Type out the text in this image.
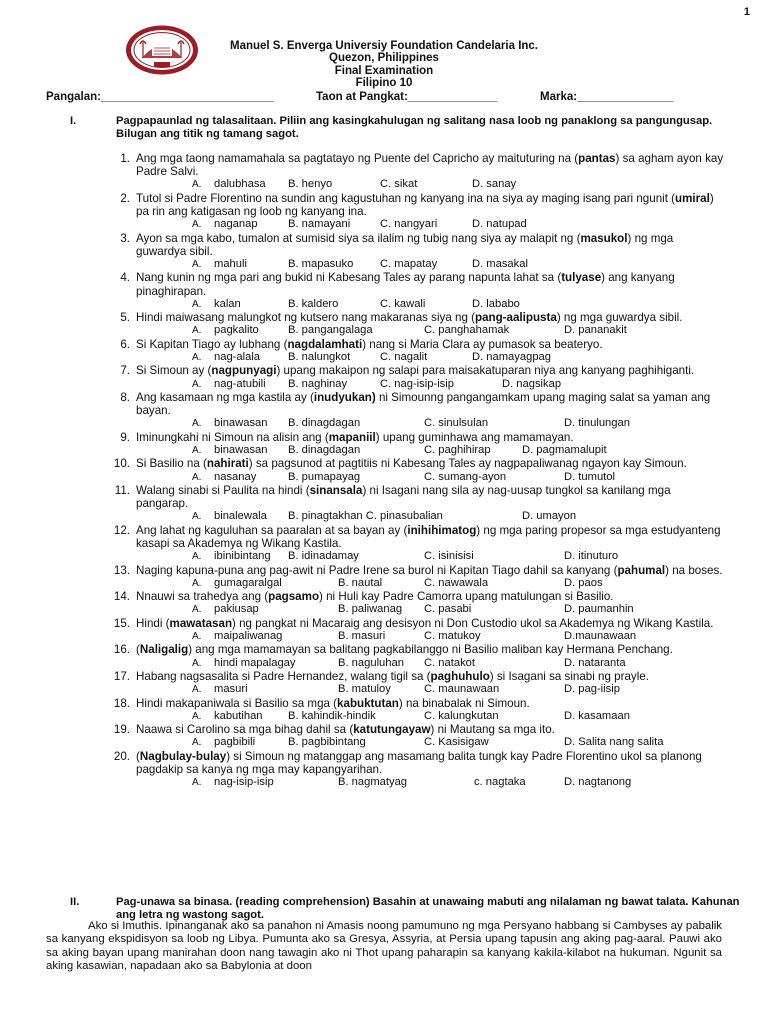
1
Manuel S. Enverga Universiy Foundation Candelaria Inc.
Quezon, Philippines
Final Examination
Filipino 10
Pangalan:___________________________	Taon at Pangkat:______________	Marka:_______________
I.	Pagpapaunlad ng talasalitaan. Piliin ang kasingkahulugan ng salitang nasa loob ng panaklong sa pangungusap. Bilugan ang titik ng tamang sagot.
1. Ang mga taong namamahala sa pagtatayo ng Puente del Capricho ay maituturing na (pantas) sa agham ayon kay Padre Salvi.
A. dalubhasa B. henyo	C. sikat	D. sanay
2. Tutol si Padre Florentino na sundin ang kagustuhan ng kanyang ina na siya ay maging isang pari ngunit (umiral) pa rin ang katigasan ng loob ng kanyang ina.
A. naganap	B. namayani	C. nangyari	D. natupad
3. Ayon sa mga kabo, tumalon at sumisid siya sa ilalim ng tubig nang siya ay malapit ng (masukol) ng mga guwardya sibil.
A. mahuli	B. mapasuko C. mapatay	D. masakal
4. Nang kunin ng mga pari ang bukid ni Kabesang Tales ay parang napunta lahat sa (tulyase) ang kanyang pinaghirapan.
A. kalan	B. kaldero	C. kawali	D. lababo
5. Hindi maiwasang malungkot ng kutsero nang makaranas siya ng (pang-aalipusta) ng mga guwardya sibil.
A. pagkalito	B. pangangalaga	C. panghahamak	D. pananakit
6. Si Kapitan Tiago ay lubhang (nagdalamhati) nang si Maria Clara ay pumasok sa beateryo.
A. nag-alala B. nalungkot	C. nagalit	D. namayagpag
7. Si Simoun ay (nagpunyagi) upang makaipon ng salapi para maisakatuparan niya ang kanyang paghihiganti.
A. nag-atubili B. naghinay	C. nag-isip-isip	D. nagsikap
8. Ang kasamaan ng mga kastila ay (inudyukan) ni Simounng pangangamkam upang maging salat sa yaman ang bayan.
A. binawasan B. dinagdagan	C. sinulsulan	D. tinulungan
9. Iminungkahi ni Simoun na alisin ang (mapaniil) upang guminhawa ang mamamayan.
A. binawasan B. dinagdagan	C. paghihirap	D. pagmamalupit
10. Si Basilio na (nahirati) sa pagsunod at pagtitiis ni Kabesang Tales ay nagpapaliwanag ngayon kay Simoun.
A. nasanay	B. pumapayag	C. sumang-ayon	D. tumutol
11. Walang sinabi si Paulita na hindi (sinansala) ni Isagani nang sila ay nag-uusap tungkol sa kanilang mga pangarap.
A. binalewala B. pinagtakhan C. pinasubalian	D. umayon
12. Ang lahat ng kaguluhan sa paaralan at sa bayan ay (inihihimatog) ng mga paring propesor sa mga estudyanteng kasapi sa Akademya ng Wikang Kastila.
A. ibinibintang B. idinadamay	C. isinisisi	D. itinuturo
13. Naging kapuna-puna ang pag-awit ni Padre Irene sa burol ni Kapitan Tiago dahil sa kanyang (pahumal) na boses.
A. gumagaralgal	B. nautal	C. nawawala	D. paos
14. Nnauwi sa trahedya ang (pagsamo) ni Huli kay Padre Camorra upang matulungan si Basilio.
A. pakiusap	B. paliwanag C. pasabi	D. paumanhin
15. Hindi (mawatasan) ng pangkat ni Macaraig ang desisyon ni Don Custodio ukol sa Akademya ng Wikang Kastila.
A. maipaliwanag	B. masuri	C. matukoy	D.maunawaan
16. (Naligalig) ang mga mamamayan sa balitang pagkabilanggo ni Basilio maliban kay Hermana Penchang.
A. hindi mapalagay	B. naguluhan C. natakot	D. nataranta
17. Habang nagsasalita si Padre Hernandez, walang tigil sa (paghuhulo) si Isagani sa sinabi ng prayle.
A. masuri	B. matuloy	C. maunawaan	D. pag-iisip
18. Hindi makapaniwala si Basilio sa mga (kabuktutan) na binabalak ni Simoun.
A. kabutihan B. kahindik-hindik	C. kalungkutan	D. kasamaan
19. Naawa si Carolino sa mga bihag dahil sa (katutungayaw) ni Mautang sa mga ito.
A. pagbibili	B. pagbibintang	C. Kasisigaw	D. Salita nang salita
20. (Nagbulay-bulay) si Simoun ng matanggap ang masamang balita tungk kay Padre Florentino ukol sa planong pagdakip sa kanya ng mga may kapangyarihan.
A. nag-isip-isip	B. nagmatyag	c. nagtaka	D. nagtanong
II.	Pag-unawa sa binasa. (reading comprehension) Basahin at unawaing mabuti ang nilalaman ng bawat talata. Kahunan ang letra ng wastong sagot.
Ako si Imuthis. Ipinanganak ako sa panahon ni Amasis noong pamumuno ng mga Persyano habbang si Cambyses ay pabalik sa kanyang ekspidisyon sa loob ng Libya. Pumunta ako sa Gresya, Assyria, at Persia upang tapusin ang aking pag-aaral. Pauwi ako sa aking bayan upang manirahan doon nang tawagin ako ni Thot upang paharapin sa kanyang kakila-kilabot na hukuman. Ngunit sa aking kasawian, napadaan ako sa Babylonia at doon
